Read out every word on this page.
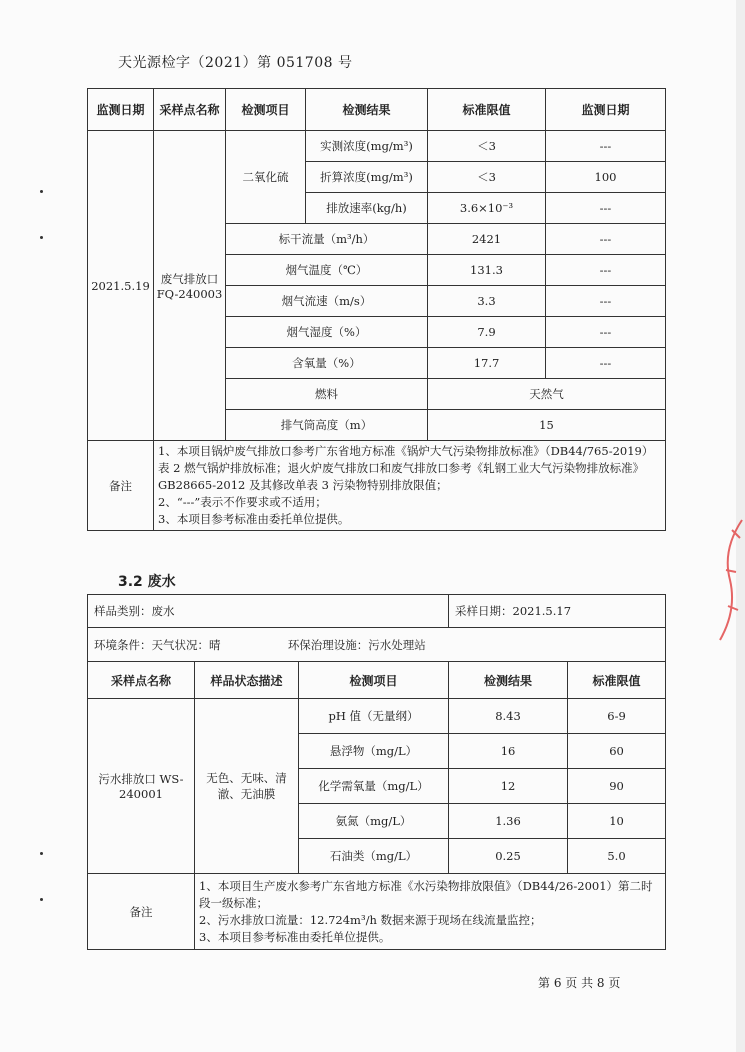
天光源检字（2021）第 051708 号
监测日期	采样点名称	检测项目	检测结果	标准限值	监测日期
2021.5.19	废气排放口 FQ-240003	二氧化硫	实测浓度(mg/m³)	＜3	---
			折算浓度(mg/m³)	＜3	100
			排放速率(kg/h)	3.6×10⁻³	---
		标干流量（m³/h）		2421	---
		烟气温度（℃）		131.3	---
		烟气流速（m/s）		3.3	---
		烟气湿度（%）		7.9	---
		含氧量（%）		17.7	---
		燃料		天然气	
		排气筒高度（m）		15	
备注	1、本项目锅炉废气排放口参考广东省地方标准《锅炉大气污染物排放标准》（DB44/765-2019）表 2 燃气锅炉排放标准；退火炉废气排放口和废气排放口参考《轧钢工业大气污染物排放标准》GB28665-2012 及其修改单表 3 污染物特别排放限值；
2、“---”表示不作要求或不适用；
3、本项目参考标准由委托单位提供。				
3.2 废水
样品类别：废水			采样日期：2021.5.17	
环境条件：天气状况：晴 环保治理设施：污水处理站				
采样点名称	样品状态描述	检测项目	检测结果	标准限值
污水排放口 WS-240001	无色、无味、清澈、无油膜	pH 值（无量纲）	8.43	6-9
		悬浮物（mg/L）	16	60
		化学需氧量（mg/L）	12	90
		氨氮（mg/L）	1.36	10
		石油类（mg/L）	0.25	5.0
备注	1、本项目生产废水参考广东省地方标准《水污染物排放限值》（DB44/26-2001）第二时段一级标准；
2、污水排放口流量：12.724m³/h 数据来源于现场在线流量监控；
3、本项目参考标准由委托单位提供。			
第 6 页 共 8 页
